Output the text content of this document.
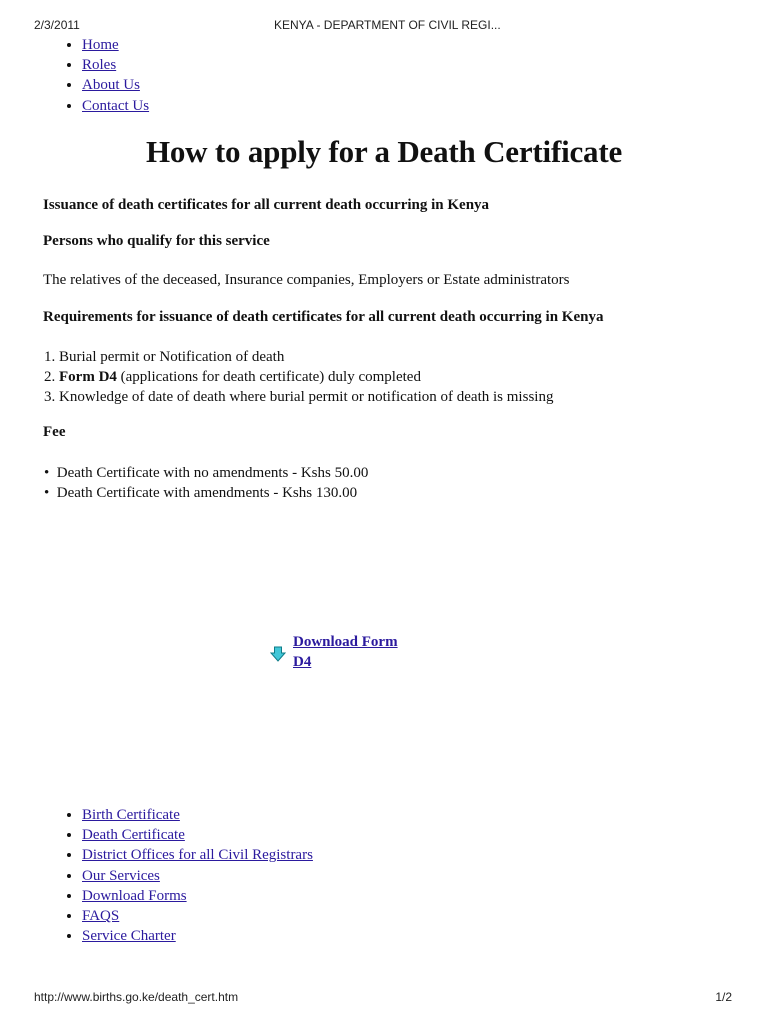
2/3/2011	KENYA - DEPARTMENT OF CIVIL REGI...
• Home
• Roles
• About Us
• Contact Us
How to apply for a Death Certificate

Issuance of death certificates for all current death occurring in Kenya

Persons who qualify for this service

The relatives of the deceased, Insurance companies, Employers or Estate administrators

Requirements for issuance of death certificates for all current death occurring in Kenya

1. Burial permit or Notification of death
2. Form D4 (applications for death certificate) duly completed
3. Knowledge of date of death where burial permit or notification of death is missing

Fee

•  Death Certificate with no amendments - Kshs 50.00
•  Death Certificate with amendments - Kshs 130.00
Download Form
D4
• Birth Certificate
• Death Certificate
• District Offices for all Civil Registrars
• Our Services
• Download Forms
• FAQS
• Service Charter
http://www.births.go.ke/death_cert.htm	1/2
